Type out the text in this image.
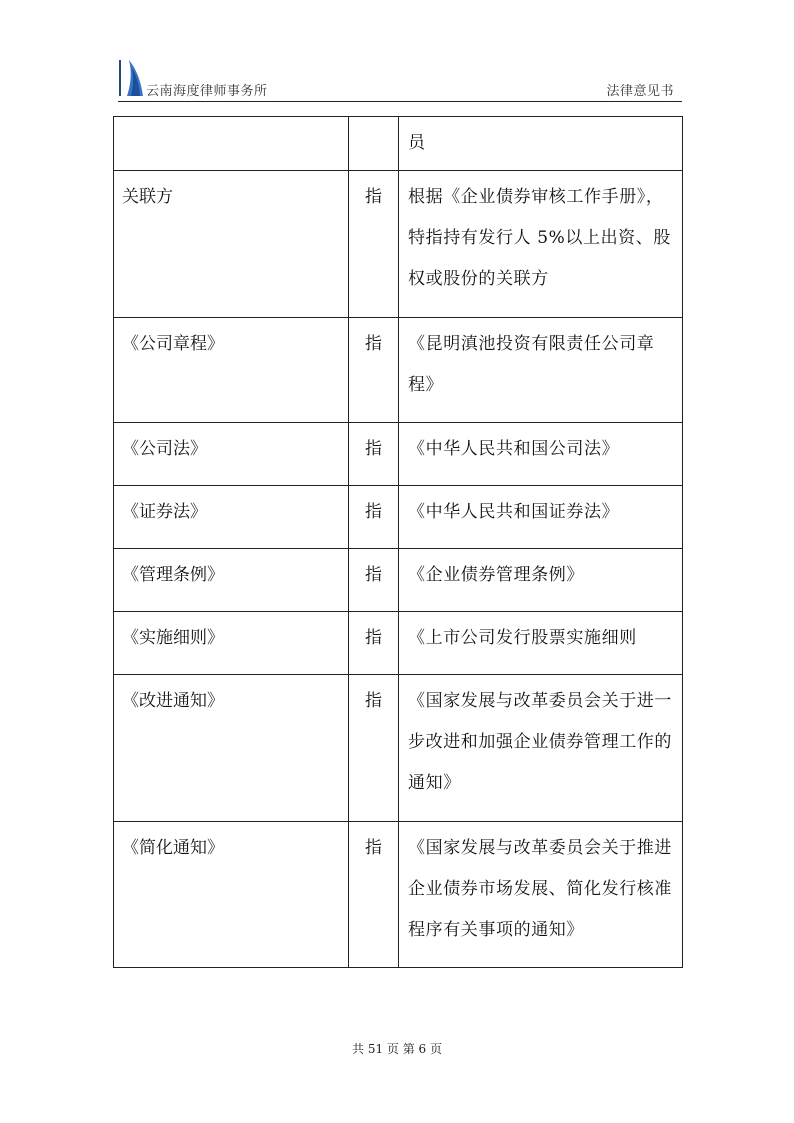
云南海度律师事务所	法律意见书

		员

关联方	指	根据《企业债券审核工作手册》，特指持有发行人 5%以上出资、股权或股份的关联方

《公司章程》	指	《昆明滇池投资有限责任公司章程》

《公司法》	指	《中华人民共和国公司法》

《证券法》	指	《中华人民共和国证券法》

《管理条例》	指	《企业债券管理条例》

《实施细则》	指	《上市公司发行股票实施细则

《改进通知》	指	《国家发展与改革委员会关于进一步改进和加强企业债券管理工作的通知》

《简化通知》	指	《国家发展与改革委员会关于推进企业债券市场发展、简化发行核准程序有关事项的通知》
共 51 页 第 6 页
